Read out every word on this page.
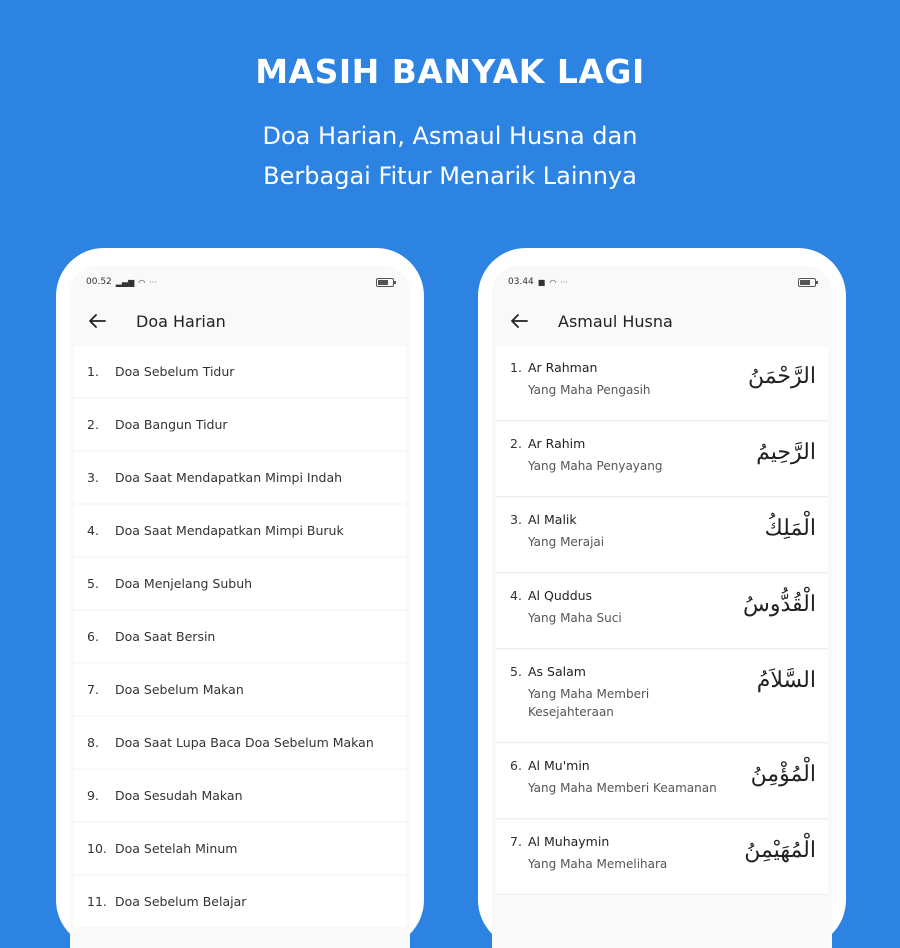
MASIH BANYAK LAGI
Doa Harian, Asmaul Husna dan
Berbagai Fitur Menarik Lainnya
00.52 ▂▄▆ ◠ ···
Doa Harian
1.	Doa Sebelum Tidur
2.	Doa Bangun Tidur
3.	Doa Saat Mendapatkan Mimpi Indah
4.	Doa Saat Mendapatkan Mimpi Buruk
5.	Doa Menjelang Subuh
6.	Doa Saat Bersin
7.	Doa Sebelum Makan
8.	Doa Saat Lupa Baca Doa Sebelum Makan
9.	Doa Sesudah Makan
10. Doa Setelah Minum
11. Doa Sebelum Belajar
03.44 ■ ◠ ···
Asmaul Husna
1. Ar Rahman
Yang Maha Pengasih
الرَّحْمَنُ
2. Ar Rahim
Yang Maha Penyayang
الرَّحِيمُ
3. Al Malik
Yang Merajai
الْمَلِكُ
4. Al Quddus
Yang Maha Suci
الْقُدُّوسُ
5. As Salam
Yang Maha Memberi Kesejahteraan
السَّلاَمُ
6. Al Mu'min
Yang Maha Memberi Keamanan
الْمُؤْمِنُ
7. Al Muhaymin
Yang Maha Memelihara
الْمُهَيْمِنُ
